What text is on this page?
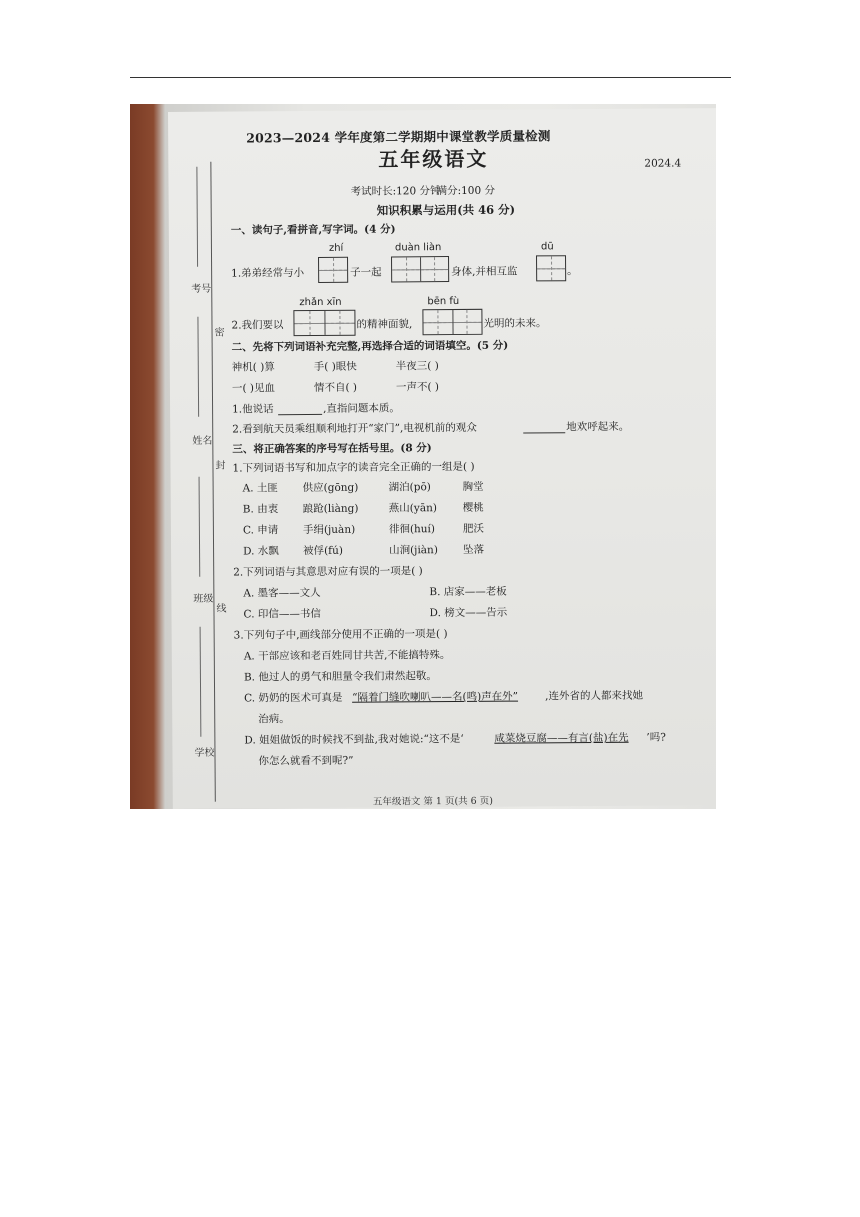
考号
密
姓名
封
班级
线
学校
2023—2024 学年度第二学期期中课堂教学质量检测
五年级语文	2024.4
考试时长:120 分钟
满分:100 分
知识积累与运用(共 46 分)
一、读句子,看拼音,写字词。(4 分)
zhí	duàn liàn	dū
1.弟弟经常与小	子一起	身体,并相互监	。
zhǎn xīn	bēn fù
2.我们要以	的精神面貌,	光明的未来。
二、先将下列词语补充完整,再选择合适的词语填空。(5 分)
神机( )算	手( )眼快	半夜三( )
一( )见血	情不自( )	一声不( )
1.他说话	,直指问题本质。
2.看到航天员乘组顺利地打开“家门”,电视机前的观众	地欢呼起来。
三、将正确答案的序号写在括号里。(8 分)
1.下列词语书写和加点字的读音完全正确的一组是( )
A. 土匪 供应(gōng)	湖泊(pō)	胸堂
B. 由衷 踉跄(liàng)	燕山(yān) 樱桃
C. 申请 手绢(juàn)	徘徊(huí)	肥沃
D. 水飘 被俘(fú)	山涧(jiàn) 坠落
2.下列词语与其意思对应有误的一项是( )
A. 墨客——文人	B. 店家——老板
C. 印信——书信	D. 榜文——告示
3.下列句子中,画线部分使用不正确的一项是( )
A. 干部应该和老百姓同甘共苦,不能搞特殊。
B. 他过人的勇气和胆量令我们肃然起敬。
C. 奶奶的医术可真是 “隔着门缝吹喇叭——名(鸣)声在外”	,连外省的人都来找她
治病。
D. 姐姐做饭的时候找不到盐,我对她说:“这不是‘	咸菜烧豆腐——有言(盐)在先 ’吗?
你怎么就看不到呢?”
五年级语文 第 1 页(共 6 页)
